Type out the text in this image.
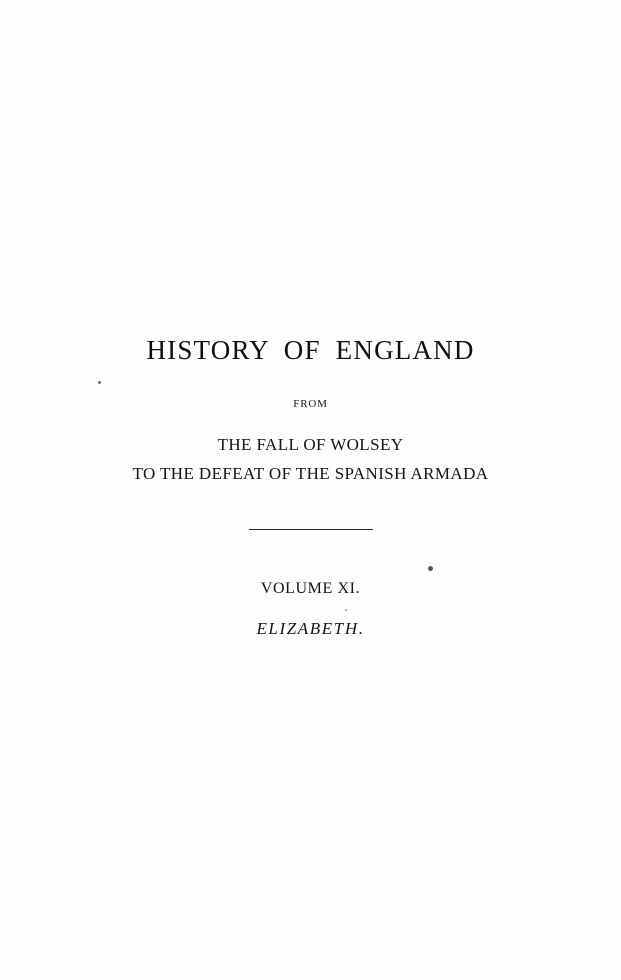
HISTORY OF ENGLAND
FROM
THE FALL OF WOLSEY
TO THE DEFEAT OF THE SPANISH ARMADA
VOLUME XI.
ELIZABETH.
